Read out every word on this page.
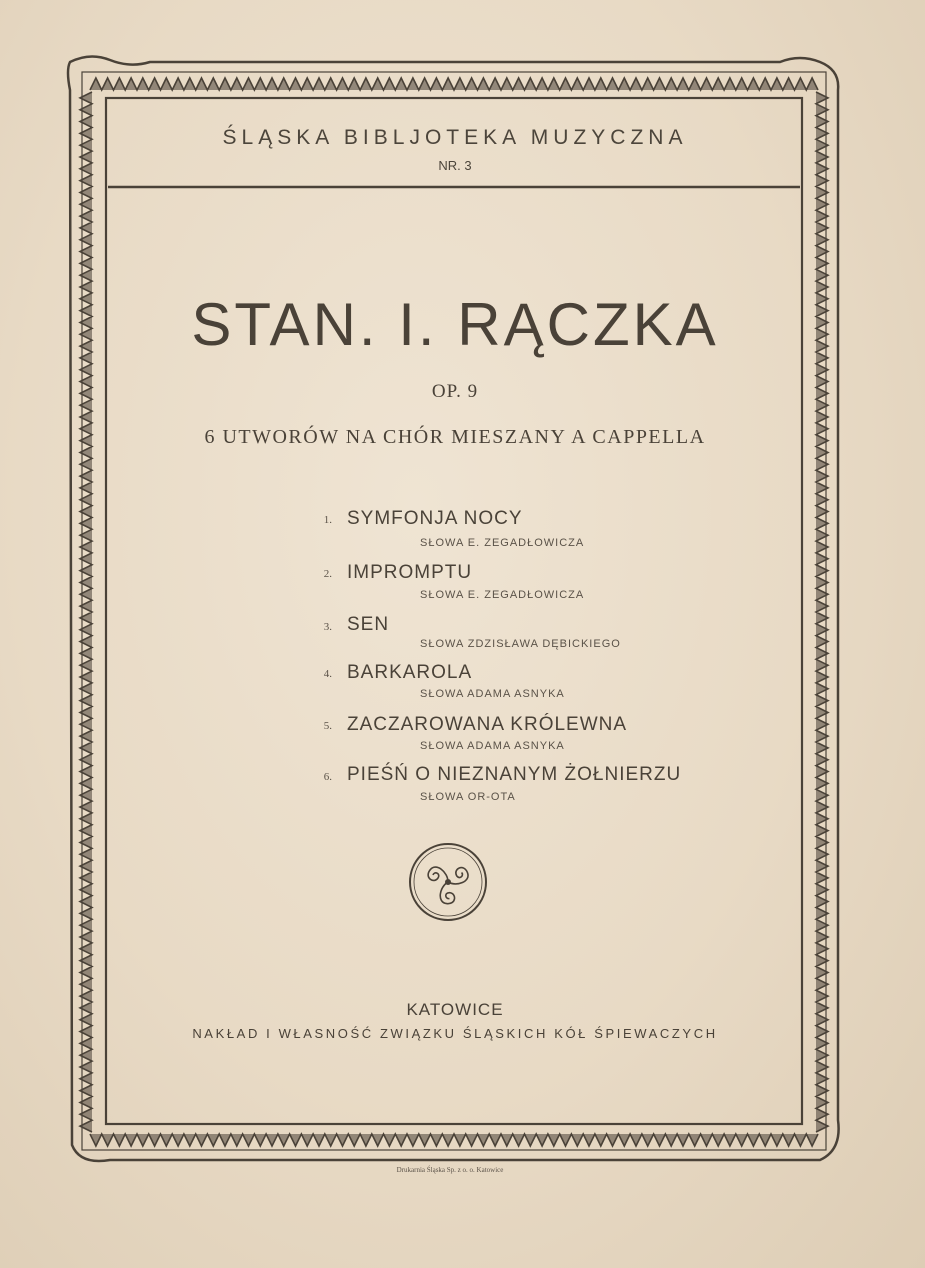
ŚLĄSKA BIBLJOTEKA MUZYCZNA
NR. 3
STAN. I. RĄCZKA
OP. 9
6 UTWORÓW NA CHÓR MIESZANY A CAPPELLA
1. SYMFONJA NOCY
SŁOWA E. ZEGADŁOWICZA
2. IMPROMPTU
SŁOWA E. ZEGADŁOWICZA
3. SEN
SŁOWA ZDZISŁAWA DĘBICKIEGO
4. BARKAROLA
SŁOWA ADAMA ASNYKA
5. ZACZAROWANA KRÓLEWNA
SŁOWA ADAMA ASNYKA
6. PIEŚŃ O NIEZNANYM ŻOŁNIERZU
SŁOWA OR-OTA
KATOWICE
NAKŁAD I WŁASNOŚĆ ZWIĄZKU ŚLĄSKICH KÓŁ ŚPIEWACZYCH
Drukarnia Śląska Sp. z o. o. Katowice
